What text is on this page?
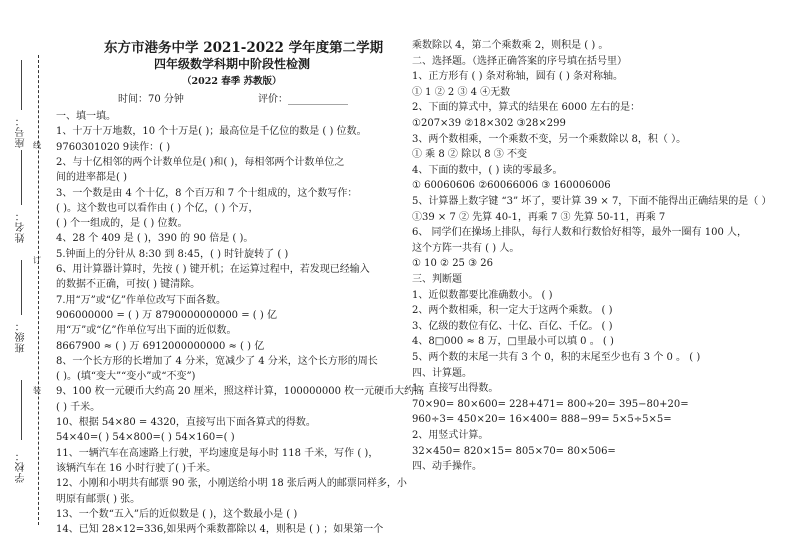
学校：
班级：
姓名：
座号：
装
订
线
东方市港务中学 2021-2022 学年度第二学期
四年级数学科期中阶段性检测
（2022 春季 苏教版）
时间：70 分钟	评价：____________
一、填一填。
1、十万十万地数，10 个十万是( )；最高位是千亿位的数是 ( ) 位数。
9760301020 9读作：( )
2、与十亿相邻的两个计数单位是( )和( )，每相邻两个计数单位之
间的进率都是( )
3、一个数是由 4 个十亿，8 个百万和 7 个十组成的，这个数写作：
( )。这个数也可以看作由 ( ) 个亿，( ) 个万，
( ) 个一组成的，是 ( ) 位数。
4、28 个 409 是 ( )，390 的 90 倍是 ( )。
5.钟面上的分针从 8:30 到 8:45，( ) 时针旋转了 ( )
6、用计算器计算时，先按 ( ) 键开机；在运算过程中，若发现已经输入
的数据不正确，可按( ) 键清除。
7.用“万”或“亿”作单位改写下面各数。
906000000 = ( ) 万 8790000000000 = ( ) 亿
用“万”或“亿”作单位写出下面的近似数。
8667900 ≈ ( ) 万 6912000000000 ≈ ( ) 亿
8、一个长方形的长增加了 4 分米，宽减少了 4 分米，这个长方形的周长
( )。(填“变大”“变小”或“不变”)
9、100 枚一元硬币大约高 20 厘米，照这样计算，100000000 枚一元硬币大约高
( ) 千米。
10、根据 54×80 = 4320，直接写出下面各算式的得数。
54×40=( ) 54×800=( ) 54×160=( )
11、一辆汽车在高速路上行驶，平均速度是每小时 118 千米，写作 ( )，
该辆汽车在 16 小时行驶了( )千米。
12、小刚和小明共有邮票 90 张，小刚送给小明 18 张后两人的邮票同样多，小
明原有邮票( ) 张。
13、一个数“五入”后的近似数是 ( )，这个数最小是 ( )
14、已知 28×12=336,如果两个乘数都除以 4，则积是 ( ) ；如果第一个
乘数除以 4，第二个乘数乘 2，则积是 ( ) 。
二、选择题。（选择正确答案的序号填在括号里）
1、正方形有 ( ) 条对称轴，圆有 ( ) 条对称轴。
① 1 ② 2 ③ 4 ④无数
2、下面的算式中，算式的结果在 6000 左右的是：
①207×39 ②18×302 ③28×299
3、两个数相乘，一个乘数不变，另一个乘数除以 8，积（ ）。
① 乘 8 ② 除以 8 ③ 不变
4、下面的数中，( ) 读的零最多。
① 60060606 ②60066006 ③ 160006006
5、计算器上数字键 “3” 坏了，要计算 39 × 7，下面不能得出正确结果的是（ ）
①39 × 7 ② 先算 40-1，再乘 7 ③ 先算 50-11，再乘 7
6、 同学们在操场上排队，每行人数和行数恰好相等，最外一圈有 100 人，
这个方阵一共有 ( ) 人。
① 10 ② 25 ③ 26
三、判断题
1、近似数都要比准确数小。 ( )
2、两个数相乘，积一定大于这两个乘数。 ( )
3、亿级的数位有亿、十亿、百亿、千亿。 ( )
4、8□000 ≈ 8 万，□里最小可以填 0 。 ( )
5、两个数的末尾一共有 3 个 0，积的末尾至少也有 3 个 0 。 ( )
四、计算题。
1、直接写出得数。
70×90= 80×600= 228+471= 800÷20= 395−80+20=
960÷3= 450×20= 16×400= 888−99= 5×5÷5×5=
2、用竖式计算。
32×450= 820×15= 805×70= 80×506=
四、动手操作。
